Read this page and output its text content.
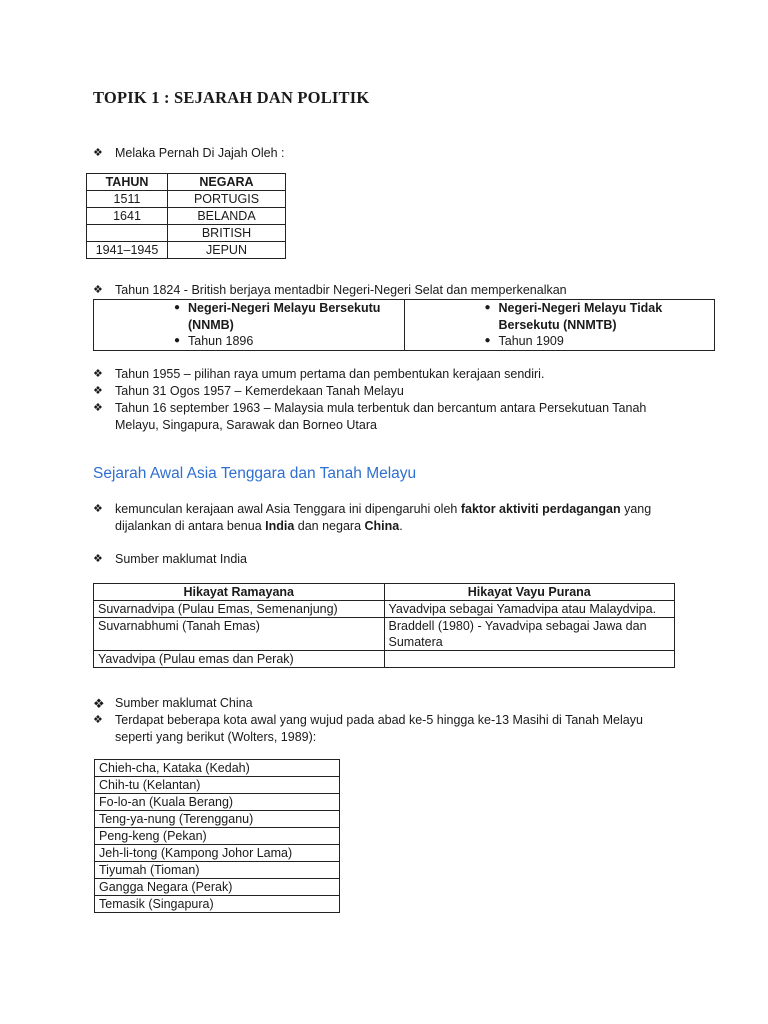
TOPIK 1 : SEJARAH DAN POLITIK
❖ Melaka Pernah Di Jajah Oleh :
TAHUN	NEGARA
1511	PORTUGIS
1641	BELANDA
	BRITISH
1941–1945	JEPUN
❖ Tahun 1824 - British berjaya mentadbir Negeri-Negeri Selat dan memperkenalkan
● Negeri-Negeri Melayu Bersekutu (NNMB)
● Tahun 1896

● Negeri-Negeri Melayu Tidak Bersekutu (NNMTB)
● Tahun 1909
❖ Tahun 1955 – pilihan raya umum pertama dan pembentukan kerajaan sendiri.
❖ Tahun 31 Ogos 1957 – Kemerdekaan Tanah Melayu
❖ Tahun 16 september 1963 – Malaysia mula terbentuk dan bercantum antara Persekutuan Tanah Melayu, Singapura, Sarawak dan Borneo Utara
Sejarah Awal Asia Tenggara dan Tanah Melayu
❖ kemunculan kerajaan awal Asia Tenggara ini dipengaruhi oleh faktor aktiviti perdagangan yang dijalankan di antara benua India dan negara China.
❖ Sumber maklumat India
Hikayat Ramayana	Hikayat Vayu Purana
Suvarnadvipa (Pulau Emas, Semenanjung)	Yavadvipa sebagai Yamadvipa atau Malaydvipa.
Suvarnabhumi (Tanah Emas)	Braddell (1980) - Yavadvipa sebagai Jawa dan Sumatera
Yavadvipa (Pulau emas dan Perak)	
❖ Sumber maklumat China
❖ Terdapat beberapa kota awal yang wujud pada abad ke-5 hingga ke-13 Masihi di Tanah Melayu seperti yang berikut (Wolters, 1989):
Chieh-cha, Kataka (Kedah)
Chih-tu (Kelantan)
Fo-lo-an (Kuala Berang)
Teng-ya-nung (Terengganu)
Peng-keng (Pekan)
Jeh-li-tong (Kampong Johor Lama)
Tiyumah (Tioman)
Gangga Negara (Perak)
Temasik (Singapura)
